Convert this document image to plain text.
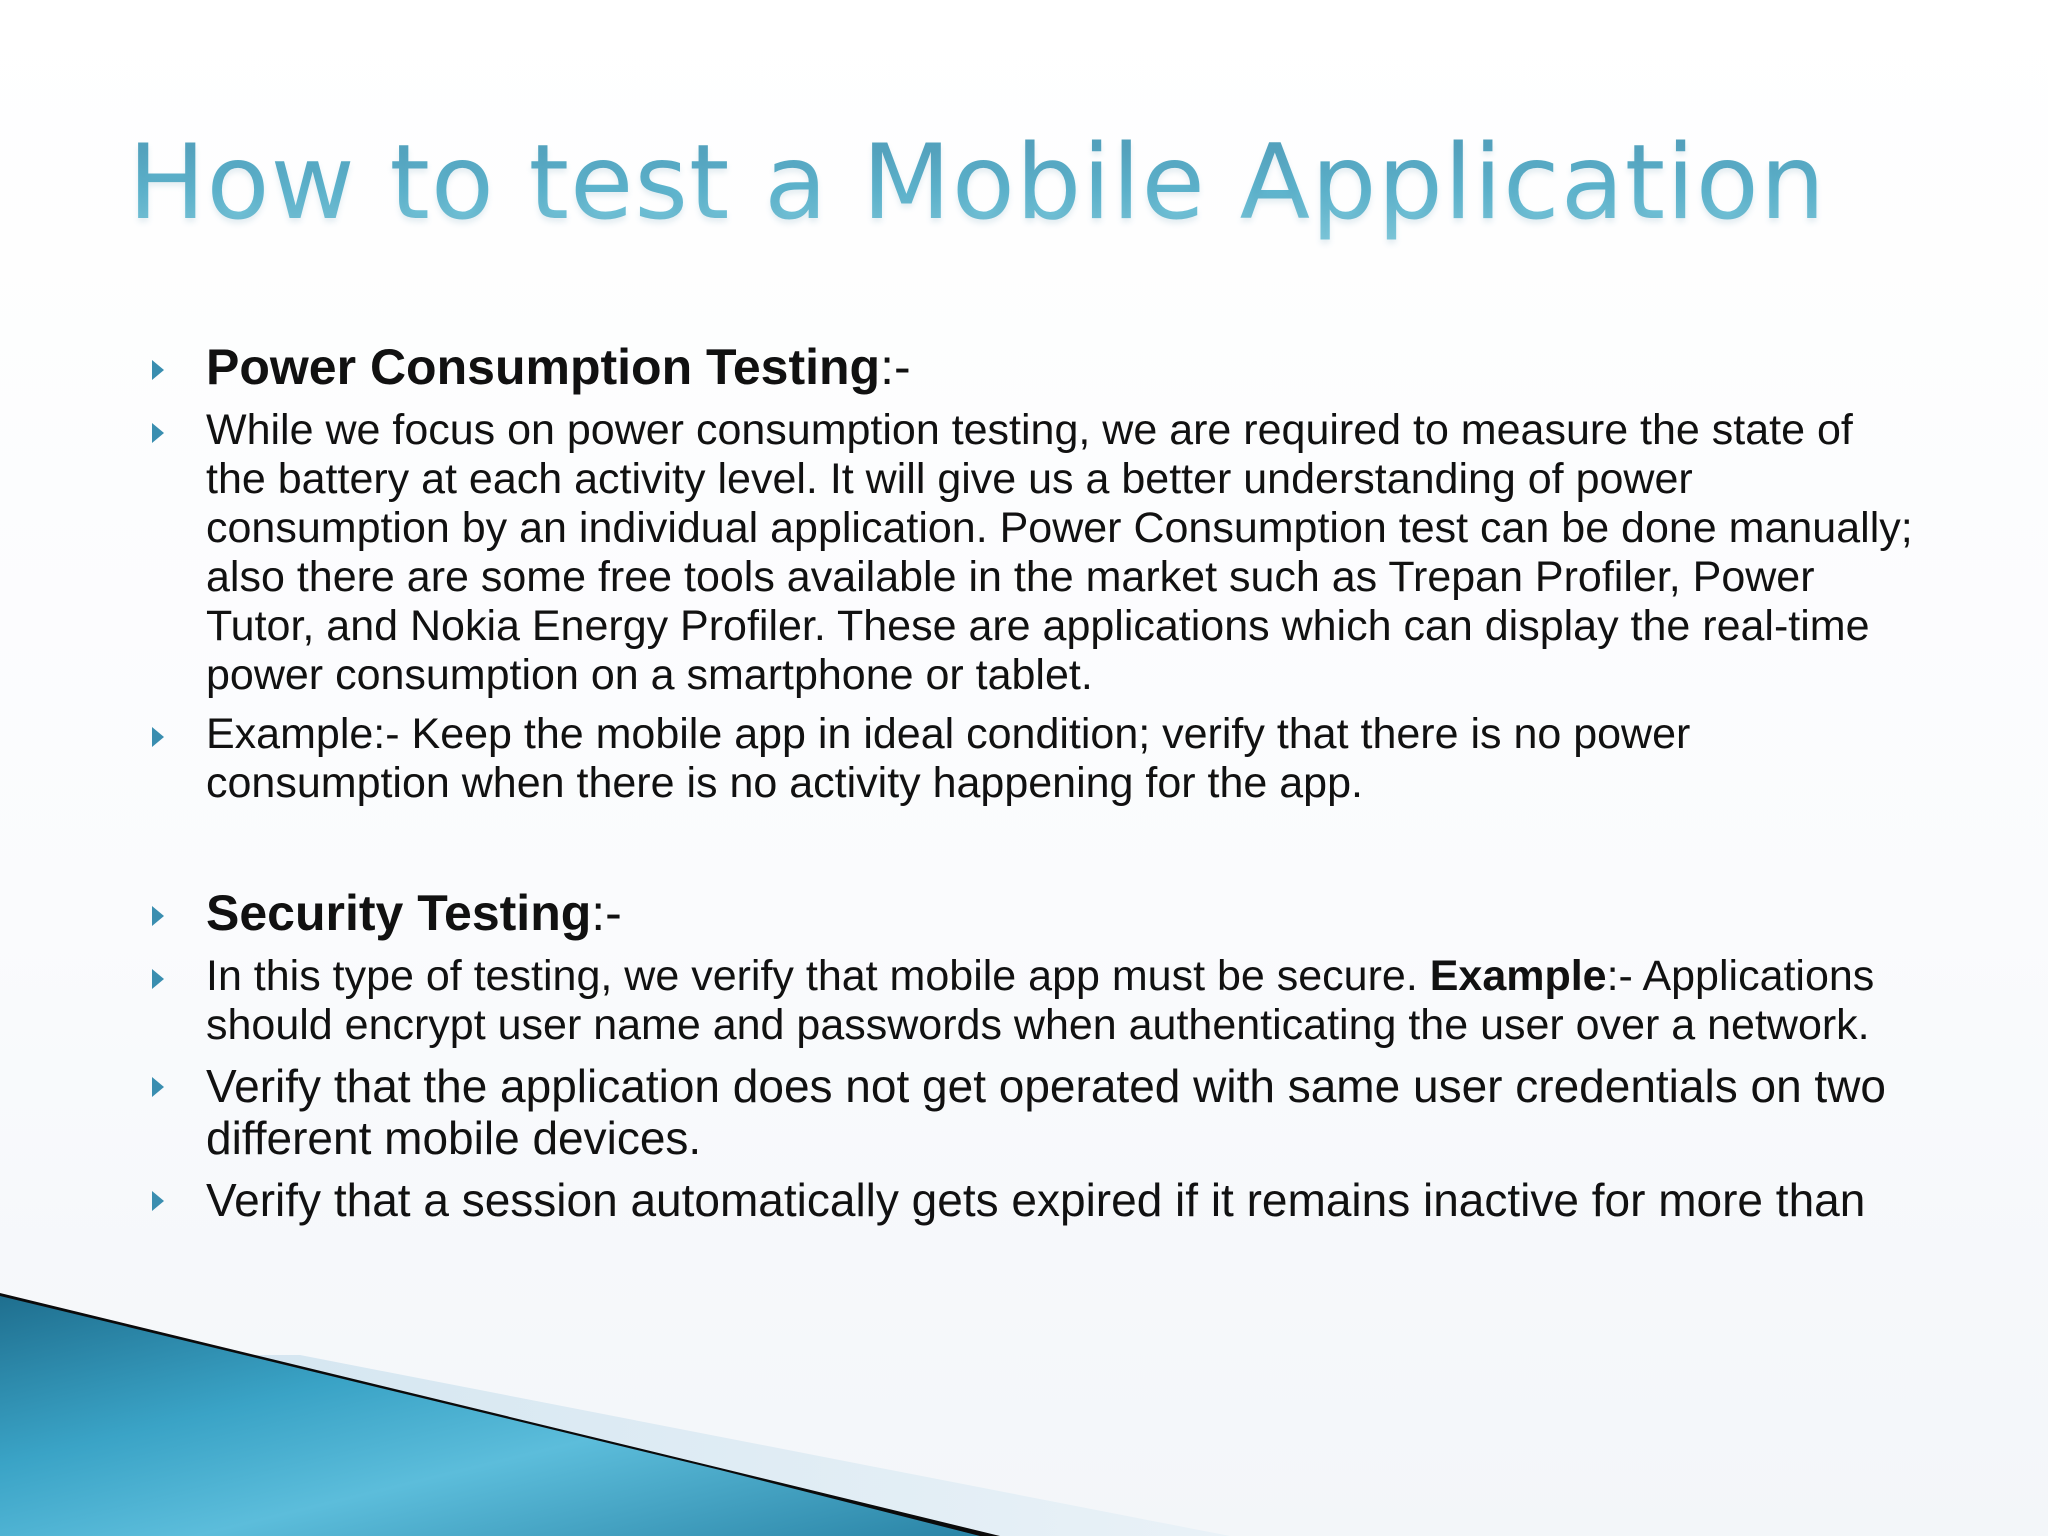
How to test a Mobile Application
Power Consumption Testing:-
While we focus on power consumption testing, we are required to measure the state of the battery at each activity level. It will give us a better understanding of power consumption by an individual application. Power Consumption test can be done manually; also there are some free tools available in the market such as Trepan Profiler, Power Tutor, and Nokia Energy Profiler. These are applications which can display the real-time power consumption on a smartphone or tablet.
Example:- Keep the mobile app in ideal condition; verify that there is no power consumption when there is no activity happening for the app.
Security Testing:-
In this type of testing, we verify that mobile app must be secure. Example:- Applications should encrypt user name and passwords when authenticating the user over a network.
Verify that the application does not get operated with same user credentials on two different mobile devices.
Verify that a session automatically gets expired if it remains inactive for more than
